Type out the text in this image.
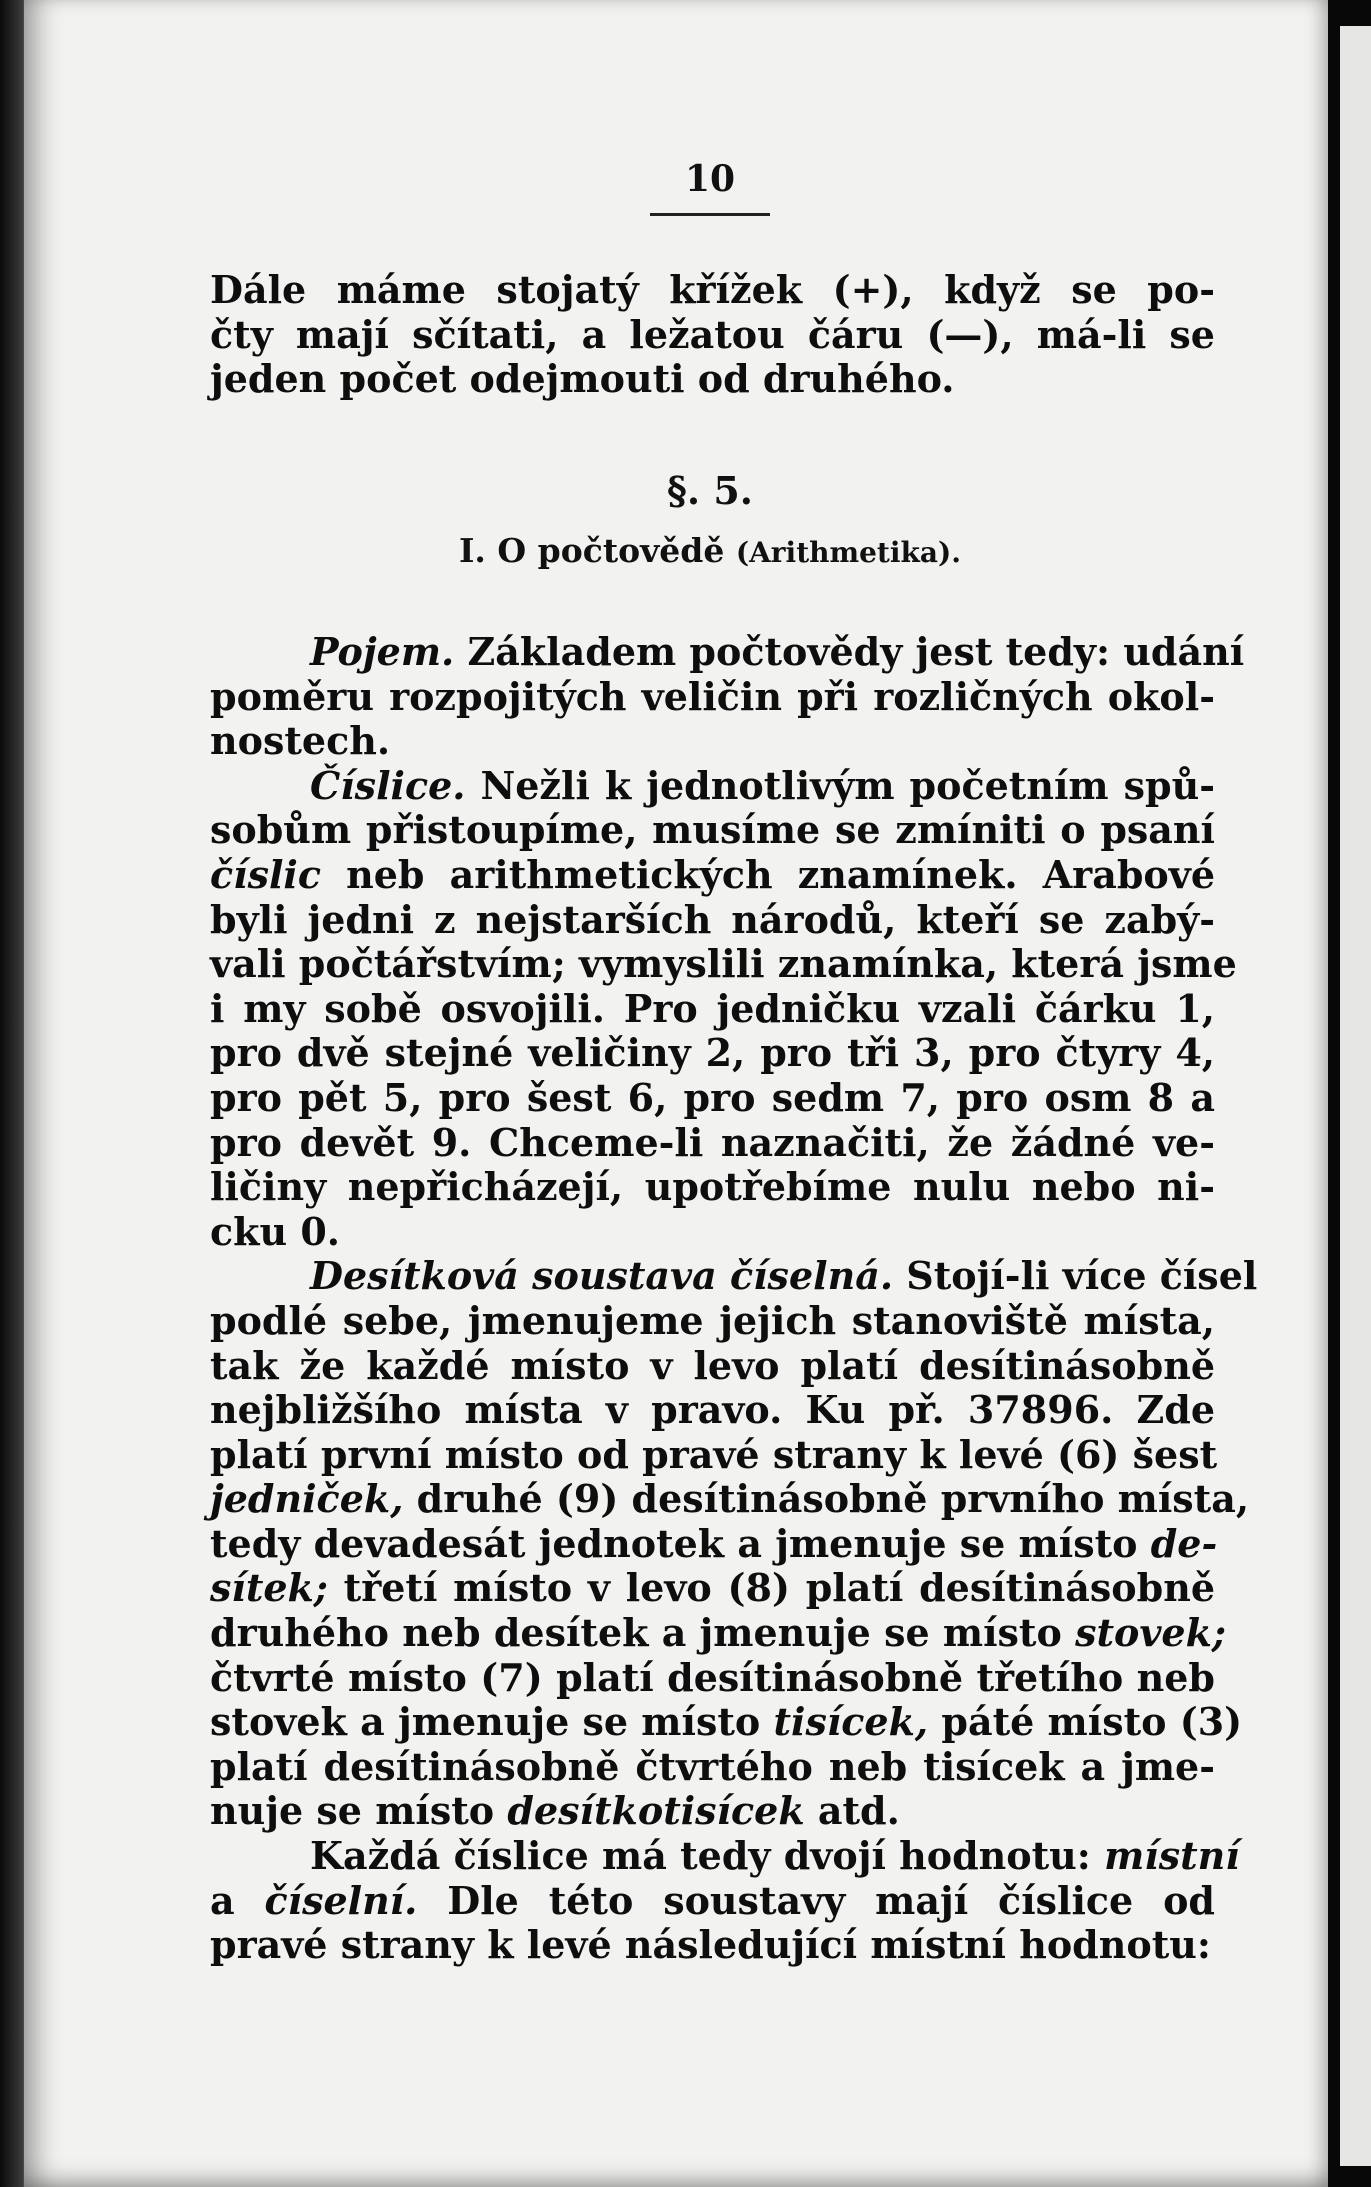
10
Dále máme stojatý křížek (+), když se po-
čty mají sčítati, a ležatou čáru (—), má-li se
jeden počet odejmouti od druhého.
§. 5.
I. O počtovědě (Arithmetika).
Pojem. Základem počtovědy jest tedy: udání
poměru rozpojitých veličin při rozličných okol-
nostech.
Číslice. Nežli k jednotlivým početním spů-
sobům přistoupíme, musíme se zmíniti o psaní
číslic neb arithmetických znamínek. Arabové
byli jedni z nejstarších národů, kteří se zabý-
vali počtářstvím; vymyslili znamínka, která jsme
i my sobě osvojili. Pro jedničku vzali čárku 1,
pro dvě stejné veličiny 2, pro tři 3, pro čtyry 4,
pro pět 5, pro šest 6, pro sedm 7, pro osm 8 a
pro devět 9. Chceme-li naznačiti, že žádné ve-
ličiny nepřicházejí, upotřebíme nulu nebo ni-
cku 0.
Desítková soustava číselná. Stojí-li více čísel
podlé sebe, jmenujeme jejich stanoviště místa,
tak že každé místo v levo platí desítinásobně
nejbližšího místa v pravo. Ku př. 37896. Zde
platí první místo od pravé strany k levé (6) šest
jedniček, druhé (9) desítinásobně prvního místa,
tedy devadesát jednotek a jmenuje se místo de-
sítek; třetí místo v levo (8) platí desítinásobně
druhého neb desítek a jmenuje se místo stovek;
čtvrté místo (7) platí desítinásobně třetího neb
stovek a jmenuje se místo tisícek, páté místo (3)
platí desítinásobně čtvrtého neb tisícek a jme-
nuje se místo desítkotisícek atd.
Každá číslice má tedy dvojí hodnotu: místní
a číselní. Dle této soustavy mají číslice od
pravé strany k levé následující místní hodnotu:
